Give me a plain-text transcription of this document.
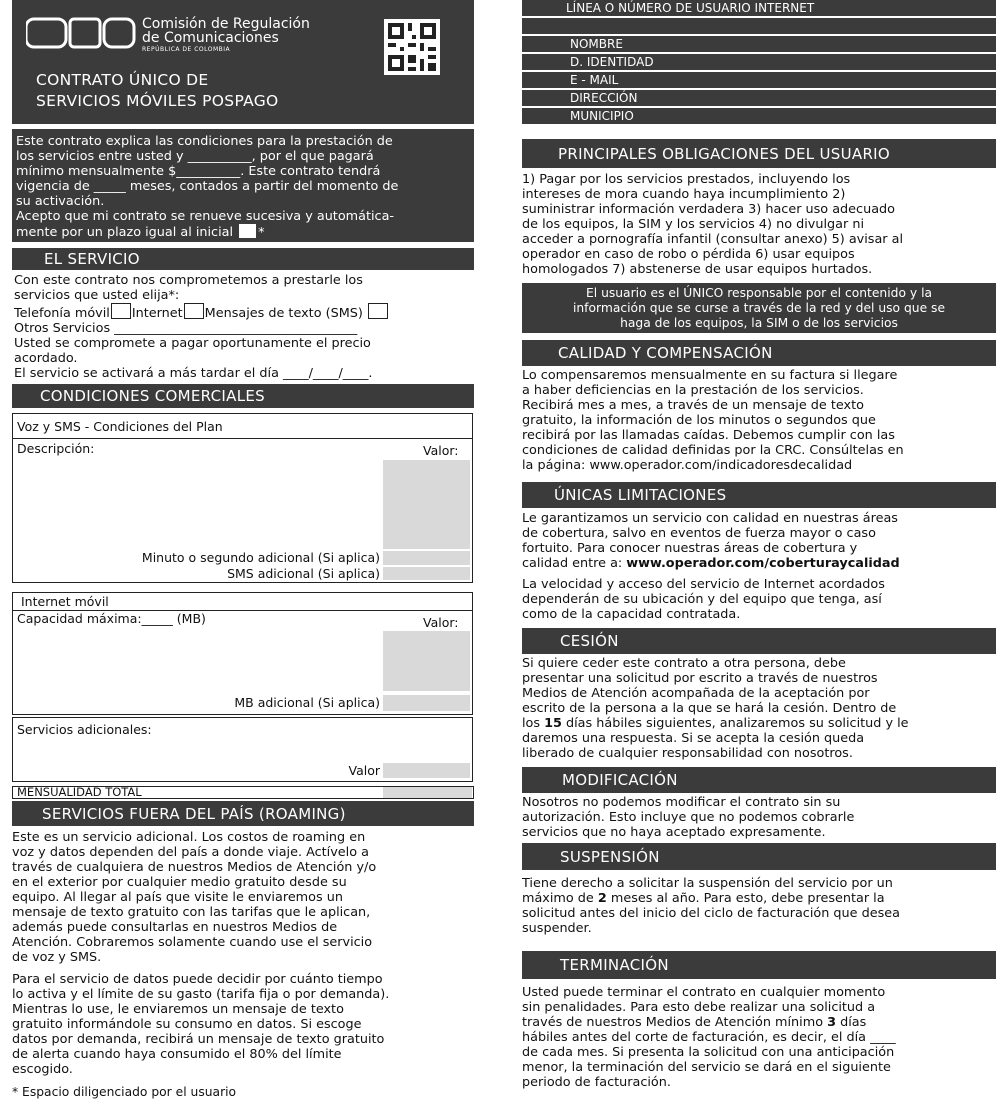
Comisión de Regulación
de Comunicaciones
REPÚBLICA DE COLOMBIA
CONTRATO ÚNICO DE
SERVICIOS MÓVILES POSPAGO
Este contrato explica las condiciones para la prestación de
los servicios entre usted y __________, por el que pagará
mínimo mensualmente $__________. Este contrato tendrá
vigencia de _____ meses, contados a partir del momento de
su activación.
Acepto que mi contrato se renueve sucesiva y automática-
mente por un plazo igual al inicial *
EL SERVICIO
Con este contrato nos comprometemos a prestarle los
servicios que usted elija*:
Telefonía móvil Internet Mensajes de texto (SMS)
Otros Servicios ______________________________________
Usted se compromete a pagar oportunamente el precio
acordado.
El servicio se activará a más tardar el día ____/____/____.
CONDICIONES COMERCIALES
Voz y SMS - Condiciones del Plan
Descripción:	Valor:
Minuto o segundo adicional (Si aplica)
SMS adicional (Si aplica)
Internet móvil
Capacidad máxima:_____ (MB)	Valor:
MB adicional (Si aplica)
Servicios adicionales:
Valor
MENSUALIDAD TOTAL
SERVICIOS FUERA DEL PAÍS (ROAMING)
Este es un servicio adicional. Los costos de roaming en
voz y datos dependen del país a donde viaje. Actívelo a
través de cualquiera de nuestros Medios de Atención y/o
en el exterior por cualquier medio gratuito desde su
equipo. Al llegar al país que visite le enviaremos un
mensaje de texto gratuito con las tarifas que le aplican,
además puede consultarlas en nuestros Medios de
Atención. Cobraremos solamente cuando use el servicio
de voz y SMS.
Para el servicio de datos puede decidir por cuánto tiempo
lo activa y el límite de su gasto (tarifa fija o por demanda).
Mientras lo use, le enviaremos un mensaje de texto
gratuito informándole su consumo en datos. Si escoge
datos por demanda, recibirá un mensaje de texto gratuito
de alerta cuando haya consumido el 80% del límite
escogido.
* Espacio diligenciado por el usuario
LÍNEA O NÚMERO DE USUARIO INTERNET
NOMBRE
D. IDENTIDAD
E - MAIL
DIRECCIÓN
MUNICIPIO
PRINCIPALES OBLIGACIONES DEL USUARIO
1) Pagar por los servicios prestados, incluyendo los
intereses de mora cuando haya incumplimiento 2)
suministrar información verdadera 3) hacer uso adecuado
de los equipos, la SIM y los servicios 4) no divulgar ni
acceder a pornografía infantil (consultar anexo) 5) avisar al
operador en caso de robo o pérdida 6) usar equipos
homologados 7) abstenerse de usar equipos hurtados.
El usuario es el ÚNICO responsable por el contenido y la
información que se curse a través de la red y del uso que se
haga de los equipos, la SIM o de los servicios
CALIDAD Y COMPENSACIÓN
Lo compensaremos mensualmente en su factura si llegare
a haber deficiencias en la prestación de los servicios.
Recibirá mes a mes, a través de un mensaje de texto
gratuito, la información de los minutos o segundos que
recibirá por las llamadas caídas. Debemos cumplir con las
condiciones de calidad definidas por la CRC. Consúltelas en
la página: www.operador.com/indicadoresdecalidad
ÚNICAS LIMITACIONES
Le garantizamos un servicio con calidad en nuestras áreas
de cobertura, salvo en eventos de fuerza mayor o caso
fortuito. Para conocer nuestras áreas de cobertura y
calidad entre a: www.operador.com/coberturaycalidad
La velocidad y acceso del servicio de Internet acordados
dependerán de su ubicación y del equipo que tenga, así
como de la capacidad contratada.
CESIÓN
Si quiere ceder este contrato a otra persona, debe
presentar una solicitud por escrito a través de nuestros
Medios de Atención acompañada de la aceptación por
escrito de la persona a la que se hará la cesión. Dentro de
los 15 días hábiles siguientes, analizaremos su solicitud y le
daremos una respuesta. Si se acepta la cesión queda
liberado de cualquier responsabilidad con nosotros.
MODIFICACIÓN
Nosotros no podemos modificar el contrato sin su
autorización. Esto incluye que no podemos cobrarle
servicios que no haya aceptado expresamente.
SUSPENSIÓN
Tiene derecho a solicitar la suspensión del servicio por un
máximo de 2 meses al año. Para esto, debe presentar la
solicitud antes del inicio del ciclo de facturación que desea
suspender.
TERMINACIÓN
Usted puede terminar el contrato en cualquier momento
sin penalidades. Para esto debe realizar una solicitud a
través de nuestros Medios de Atención mínimo 3 días
hábiles antes del corte de facturación, es decir, el día ____
de cada mes. Si presenta la solicitud con una anticipación
menor, la terminación del servicio se dará en el siguiente
periodo de facturación.
